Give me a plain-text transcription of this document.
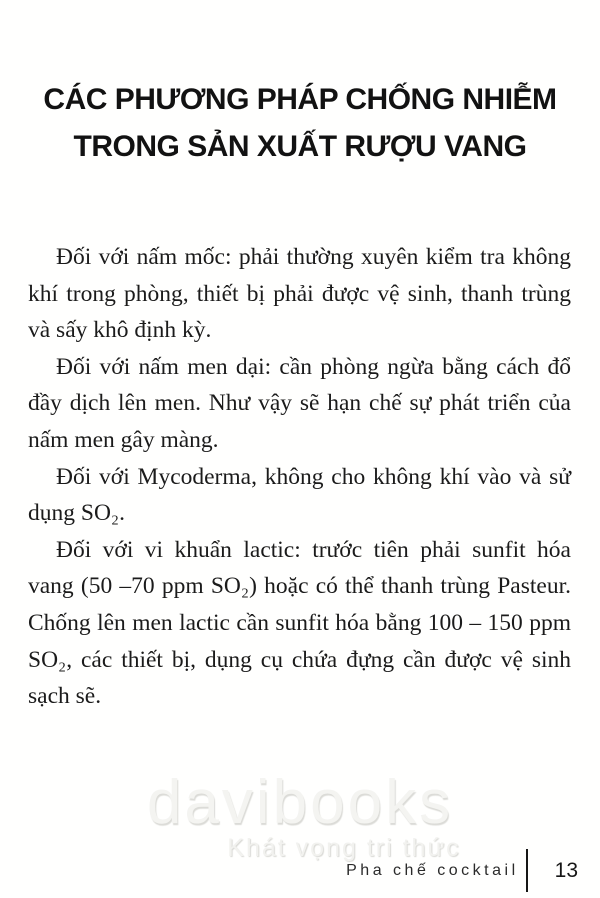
CÁC PHƯƠNG PHÁP CHỐNG NHIỄM
TRONG SẢN XUẤT RƯỢU VANG

Đối với nấm mốc: phải thường xuyên kiểm tra không khí trong phòng, thiết bị phải được vệ sinh, thanh trùng và sấy khô định kỳ.

Đối với nấm men dại: cần phòng ngừa bằng cách đổ đầy dịch lên men. Như vậy sẽ hạn chế sự phát triển của nấm men gây màng.

Đối với Mycoderma, không cho không khí vào và sử dụng SO₂.

Đối với vi khuẩn lactic: trước tiên phải sunfit hóa vang (50 –70 ppm SO₂) hoặc có thể thanh trùng Pasteur. Chống lên men lactic cần sunfit hóa bằng 100 – 150 ppm SO₂, các thiết bị, dụng cụ chứa đựng cần được vệ sinh sạch sẽ.

davibooks
Khát vọng tri thức
Pha chế cocktail	13
